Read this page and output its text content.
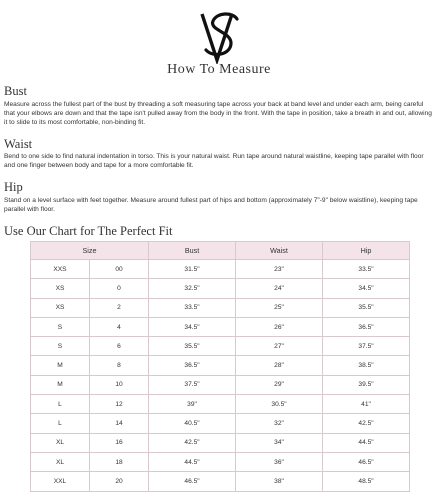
How To Measure
Bust
Measure across the fullest part of the bust by threading a soft measuring tape across your back at band level and under each arm, being careful that your elbows are down and that the tape isn't pulled away from the body in the front. With the tape in position, take a breath in and out, allowing it to slide to its most comfortable, non-binding fit.
Waist
Bend to one side to find natural indentation in torso. This is your natural waist. Run tape around natural waistline, keeping tape parallel with floor and one finger between body and tape for a more comfortable fit.
Hip
Stand on a level surface with feet together. Measure around fullest part of hips and bottom (approximately 7"-9" below waistline), keeping tape parallel with floor.
Use Our Chart for The Perfect Fit
Size		Bust	Waist	Hip
XXS	00	31.5"	23"	33.5"
XS	0	32.5"	24"	34.5"
XS	2	33.5"	25"	35.5"
S	4	34.5"	26"	36.5"
S	6	35.5"	27"	37.5"
M	8	36.5"	28"	38.5"
M	10	37.5"	29"	39.5"
L	12	39"	30.5"	41"
L	14	40.5"	32"	42.5"
XL	16	42.5"	34"	44.5"
XL	18	44.5"	36"	46.5"
XXL	20	46.5"	38"	48.5"
